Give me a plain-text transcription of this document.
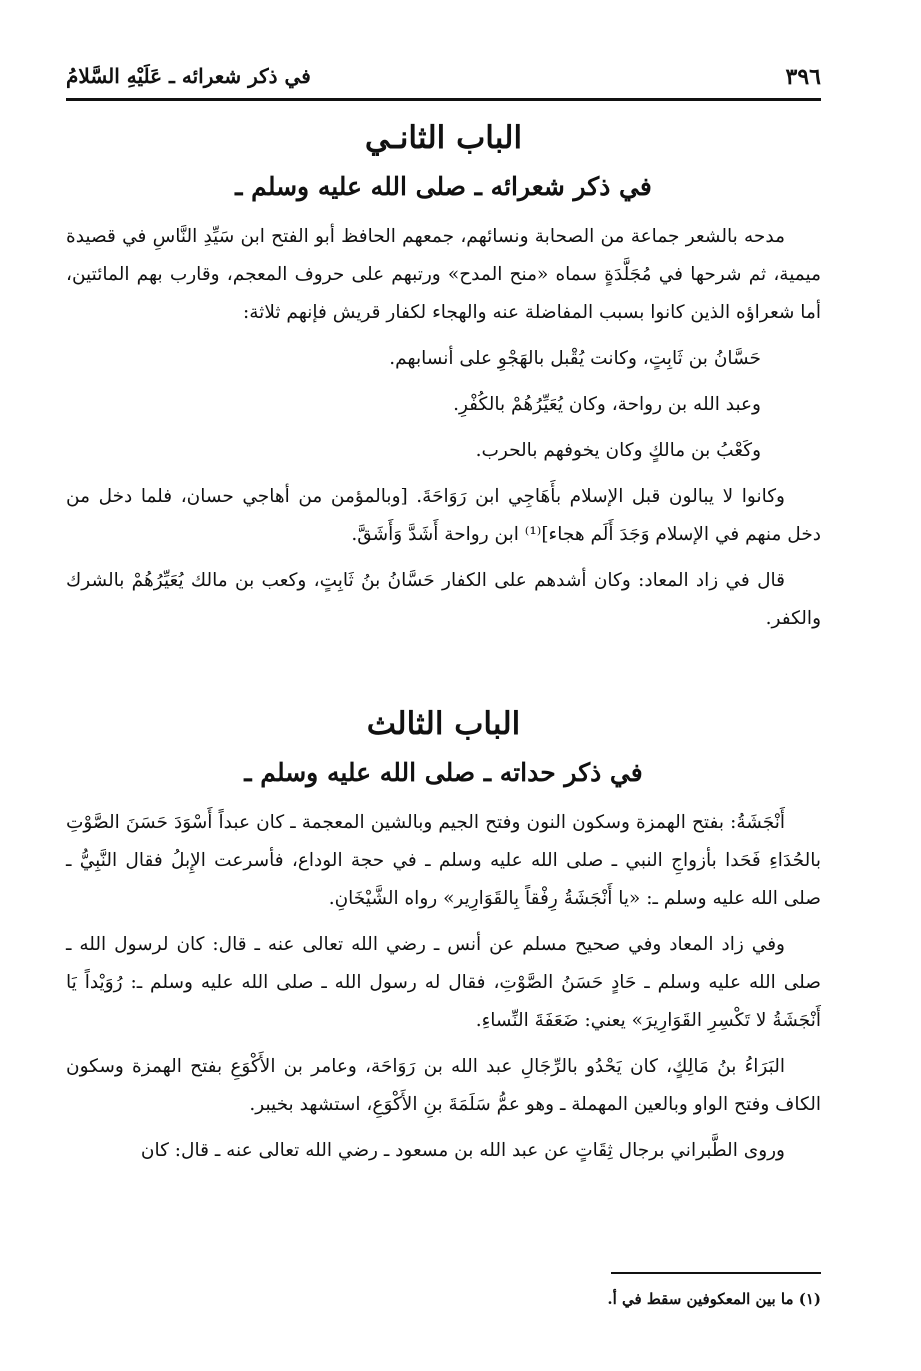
٣٩٦
في ذكر شعرائه ـ عَلَيْهِ السَّلامُ
الباب الثانـي
في ذكر شعرائه ـ صلى الله عليه وسلم ـ

مدحه بالشعر جماعة من الصحابة ونسائهم، جمعهم الحافظ أبو الفتح ابن سَيِّدِ النَّاسِ في قصيدة ميمية، ثم شرحها في مُجَلَّدَةٍ سماه «منح المدح» ورتبهم على حروف المعجم، وقارب بهم المائتين، أما شعراؤه الذين كانوا بسبب المفاضلة عنه والهجاء لكفار قريش فإنهم ثلاثة:

حَسَّانُ بن ثَابِتٍ، وكانت يُقْبل بالهَجْوِ على أنسابهم.

وعبد الله بن رواحة، وكان يُعَيِّرُهُمْ بالكُفْرِ.

وكَعْبُ بن مالكٍ وكان يخوفهم بالحرب.

وكانوا لا يبالون قبل الإسلام بأَهَاجِي ابن رَوَاحَةَ. [وبالمؤمن من أهاجي حسان، فلما دخل من دخل منهم في الإسلام وَجَدَ أَلَم هجاء]⁽¹⁾ ابن رواحة أَشَدَّ وَأَشَقَّ.

قال في زاد المعاد: وكان أشدهم على الكفار حَسَّانُ بنُ ثَابِتٍ، وكعب بن مالك يُعَيِّرُهُمْ بالشرك والكفر.

الباب الثالث
في ذكر حداته ـ صلى الله عليه وسلم ـ

أَنْجَشَةُ: بفتح الهمزة وسكون النون وفتح الجيم وبالشين المعجمة ـ كان عبداً أَسْوَدَ حَسَنَ الصَّوْتِ بالحُدَاءِ فَحَدا بأزواجِ النبي ـ صلى الله عليه وسلم ـ في حجة الوداع، فأسرعت الإِبلُ فقال النَّبِيُّ ـ صلى الله عليه وسلم ـ: «يا أَنْجَشَةُ رِفْقاً بِالقَوَارِير» رواه الشَّيْخَانِ.

وفي زاد المعاد وفي صحيح مسلم عن أنس ـ رضي الله تعالى عنه ـ قال: كان لرسول الله ـ صلى الله عليه وسلم ـ حَادٍ حَسَنُ الصَّوْتِ، فقال له رسول الله ـ صلى الله عليه وسلم ـ: رُوَيْداً يَا أَنْجَشَةُ لا تَكْسِرِ القَوَارِيرَ» يعني: ضَعَفَةَ النِّساءِ.

البَرَاءُ بنُ مَالِكٍ، كان يَحْدُو بالرِّجَالِ عبد الله بن رَوَاحَة، وعامر بن الأَكْوَعِ بفتح الهمزة وسكون الكاف وفتح الواو وبالعين المهملة ـ وهو عمُّ سَلَمَةَ بنِ الأَكْوَعِ، استشهد بخيبر.

وروى الطَّبراني برجال ثِقَاتٍ عن عبد الله بن مسعود ـ رضي الله تعالى عنه ـ قال: كان

(١) ما بين المعكوفين سقط في أ.
